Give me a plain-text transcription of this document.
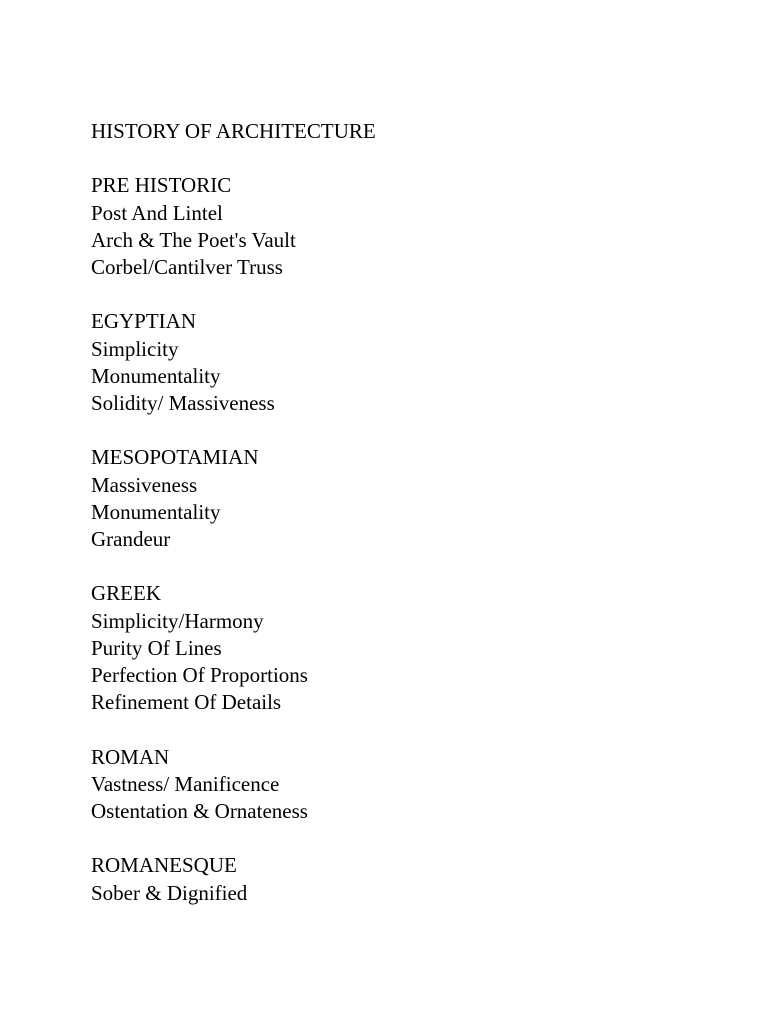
HISTORY OF ARCHITECTURE
PRE HISTORIC
Post And Lintel
Arch & The Poet's Vault
Corbel/Cantilver Truss
EGYPTIAN
Simplicity
Monumentality
Solidity/ Massiveness
MESOPOTAMIAN
Massiveness
Monumentality
Grandeur
GREEK
Simplicity/Harmony
Purity Of Lines
Perfection Of Proportions
Refinement Of Details
ROMAN
Vastness/ Manificence
Ostentation & Ornateness
ROMANESQUE
Sober & Dignified
